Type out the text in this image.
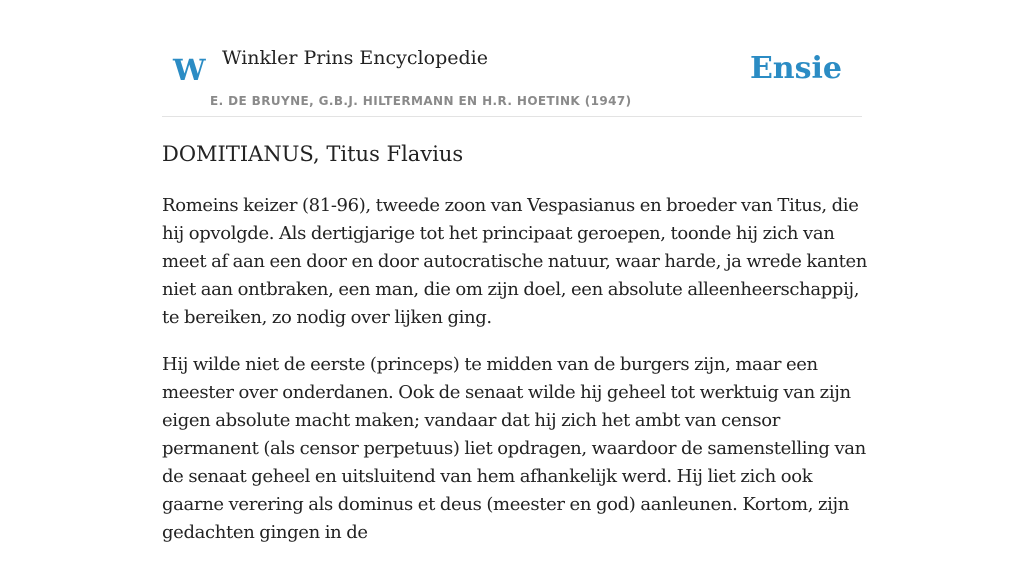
W Winkler Prins Encyclopedie
E. DE BRUYNE, G.B.J. HILTERMANN EN H.R. HOETINK (1947)
Ensie
DOMITIANUS, Titus Flavius

Romeins keizer (81-96), tweede zoon van Vespasianus en broeder van Titus, die hij opvolgde. Als dertigjarige tot het principaat geroepen, toonde hij zich van meet af aan een door en door autocratische natuur, waar harde, ja wrede kanten niet aan ontbraken, een man, die om zijn doel, een absolute alleenheerschappij, te bereiken, zo nodig over lijken ging.

Hij wilde niet de eerste (princeps) te midden van de burgers zijn, maar een meester over onderdanen. Ook de senaat wilde hij geheel tot werktuig van zijn eigen absolute macht maken; vandaar dat hij zich het ambt van censor permanent (als censor perpetuus) liet opdragen, waardoor de samenstelling van de senaat geheel en uitsluitend van hem afhankelijk werd. Hij liet zich ook gaarne verering als dominus et deus (meester en god) aanleunen. Kortom, zijn gedachten gingen in de
